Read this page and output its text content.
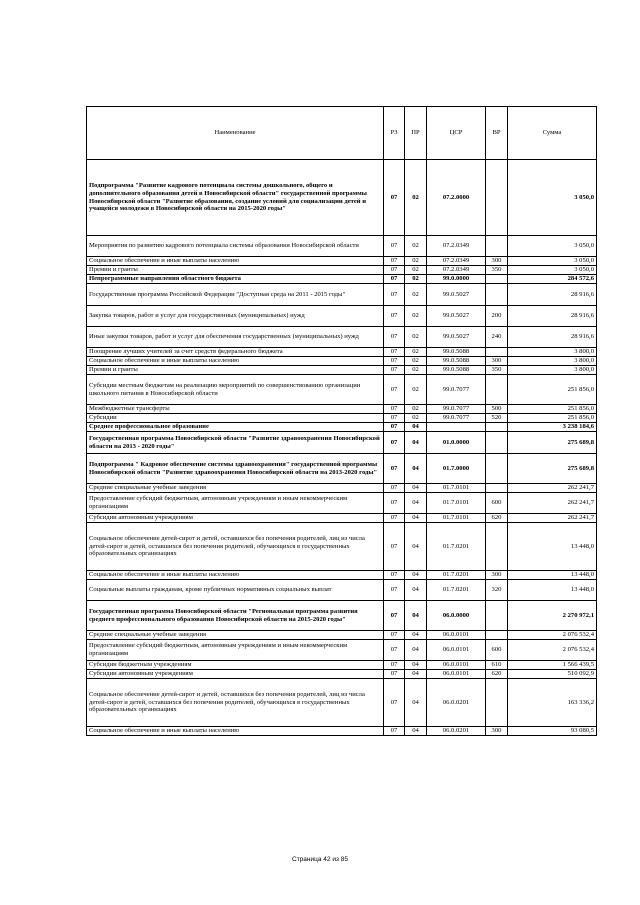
Наименование	РЗ	ПР	ЦСР	ВР	Сумма
Подпрограмма "Развитие кадрового потенциала системы дошкольного, общего и дополнительного образования детей в Новосибирской области" государственной программы Новосибирской области "Развитие образования, создание условий для социализации детей и учащейся молодежи в Новосибирской области на 2015-2020 годы"	07	02	07.2.0000		3 050,0
Мероприятия по развитию кадрового потенциала системы образования Новосибирской области	07	02	07.2.0349		3 050,0
Социальное обеспечение и иные выплаты населению	07	02	07.2.0349	300	3 050,0
Премии и гранты	07	02	07.2.0349	350	3 050,0
Непрограммные направления областного бюджета	07	02	99.0.0000		284 572,6
Государственная программа Российской Федерации "Доступная среда на 2011 - 2015 годы"	07	02	99.0.5027		28 916,6
Закупка товаров, работ и услуг для государственных (муниципальных) нужд	07	02	99.0.5027	200	28 916,6
Иные закупки товаров, работ и услуг для обеспечения государственных (муниципальных) нужд	07	02	99.0.5027	240	28 916,6
Поощрение лучших учителей за счет средств федерального бюджета	07	02	99.0.5088		3 800,0
Социальное обеспечение и иные выплаты населению	07	02	99.0.5088	300	3 800,0
Премии и гранты	07	02	99.0.5088	350	3 800,0
Субсидии местным бюджетам на реализацию мероприятий по совершенствованию организации школьного питания в Новосибирской области	07	02	99.0.7077		251 856,0
Межбюджетные трансферты	07	02	99.0.7077	500	251 856,0
Субсидии	07	02	99.0.7077	520	251 856,0
Среднее профессиональное образование	07	04			3 238 184,6
Государственная программа Новосибирской области "Развитие здравоохранения Новосибирской области на 2013 - 2020 годы"	07	04	01.0.0000		275 689,8
Подпрограмма " Кадровое обеспечение системы здравоохранения" государственной программы Новосибирской области "Развитие здравоохранения Новосибирской области на 2013-2020 годы"	07	04	01.7.0000		275 689,8
Средние специальные учебные заведения	07	04	01.7.0101		262 241,7
Предоставление субсидий бюджетным, автономным учреждениям и иным некоммерческим организациям	07	04	01.7.0101	600	262 241,7
Субсидии автономным учреждениям	07	04	01.7.0101	620	262 241,7
Социальное обеспечение детей-сирот и детей, оставшихся без попечения родителей, лиц из числа детей-сирот и детей, оставшихся без попечения родителей, обучающихся в государственных образовательных организациях	07	04	01.7.0201		13 448,0
Социальное обеспечение и иные выплаты населению	07	04	01.7.0201	300	13 448,0
Социальные выплаты гражданам, кроме публичных нормативных социальных выплат	07	04	01.7.0201	320	13 448,0
Государственная программа Новосибирской области "Региональная программа развития среднего профессионального образования Новосибирской области на 2015-2020 годы"	07	04	06.0.0000		2 270 972,1
Средние специальные учебные заведения	07	04	06.0.0101		2 076 532,4
Предоставление субсидий бюджетным, автономным учреждениям и иным некоммерческим организациям	07	04	06.0.0101	600	2 076 532,4
Субсидии бюджетным учреждениям	07	04	06.0.0101	610	1 566 439,5
Субсидии автономным учреждениям	07	04	06.0.0101	620	510 092,9
Социальное обеспечение детей-сирот и детей, оставшихся без попечения родителей, лиц из числа детей-сирот и детей, оставшихся без попечения родителей, обучающихся в государственных образовательных организациях	07	04	06.0.0201		163 336,2
Социальное обеспечение и иные выплаты населению	07	04	06.0.0201	300	93 080,5
Страница 42 из 85
